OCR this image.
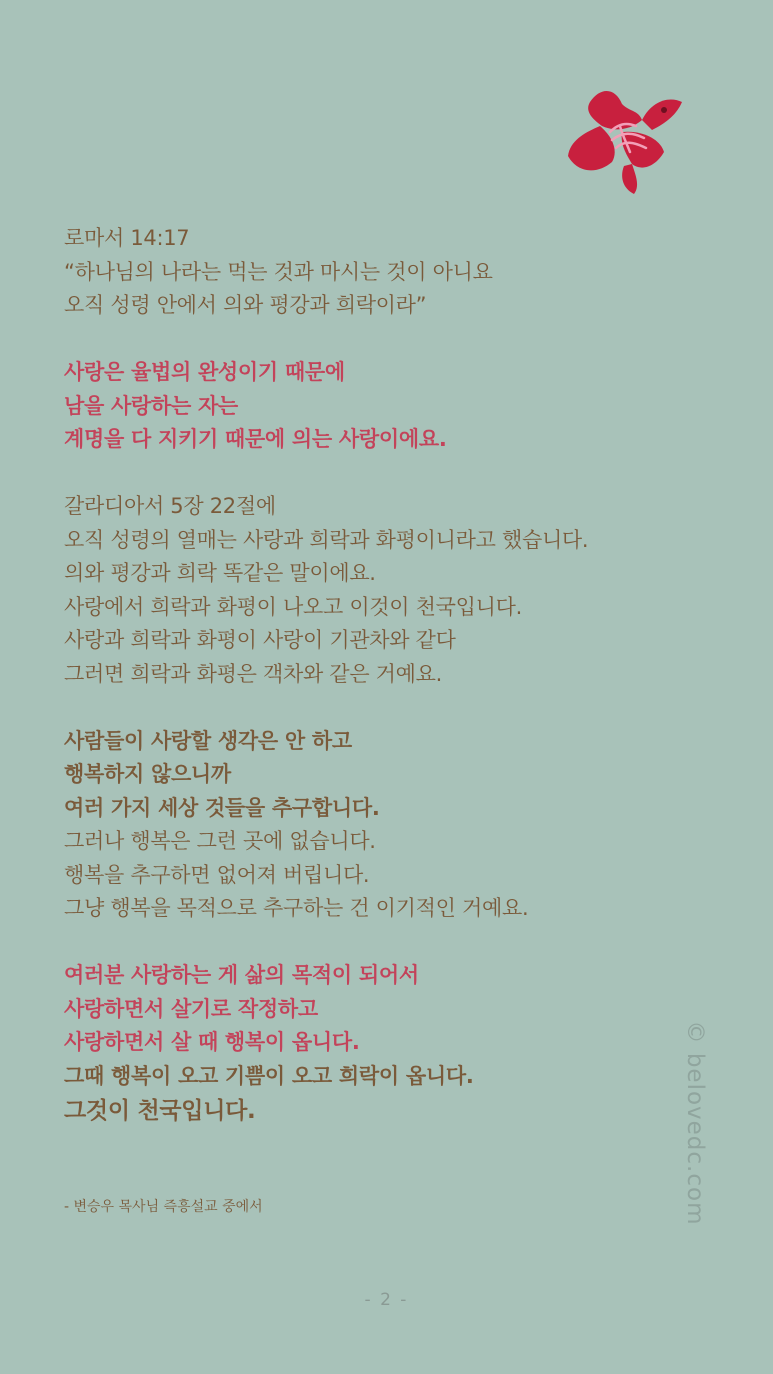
로마서 14:17
“하나님의 나라는 먹는 것과 마시는 것이 아니요
오직 성령 안에서 의와 평강과 희락이라”
사랑은 율법의 완성이기 때문에
남을 사랑하는 자는
계명을 다 지키기 때문에 의는 사랑이에요.
갈라디아서 5장 22절에
오직 성령의 열매는 사랑과 희락과 화평이니라고 했습니다.
의와 평강과 희락 똑같은 말이에요.
사랑에서 희락과 화평이 나오고 이것이 천국입니다.
사랑과 희락과 화평이 사랑이 기관차와 같다
그러면 희락과 화평은 객차와 같은 거예요.
사람들이 사랑할 생각은 안 하고
행복하지 않으니까
여러 가지 세상 것들을 추구합니다.
그러나 행복은 그런 곳에 없습니다.
행복을 추구하면 없어져 버립니다.
그냥 행복을 목적으로 추구하는 건 이기적인 거예요.
여러분 사랑하는 게 삶의 목적이 되어서
사랑하면서 살기로 작정하고
사랑하면서 살 때 행복이 옵니다.
그때 행복이 오고 기쁨이 오고 희락이 옵니다.
그것이 천국입니다.
- 변승우 목사님 즉흥설교 중에서
- 2 -
© belovedc.com
